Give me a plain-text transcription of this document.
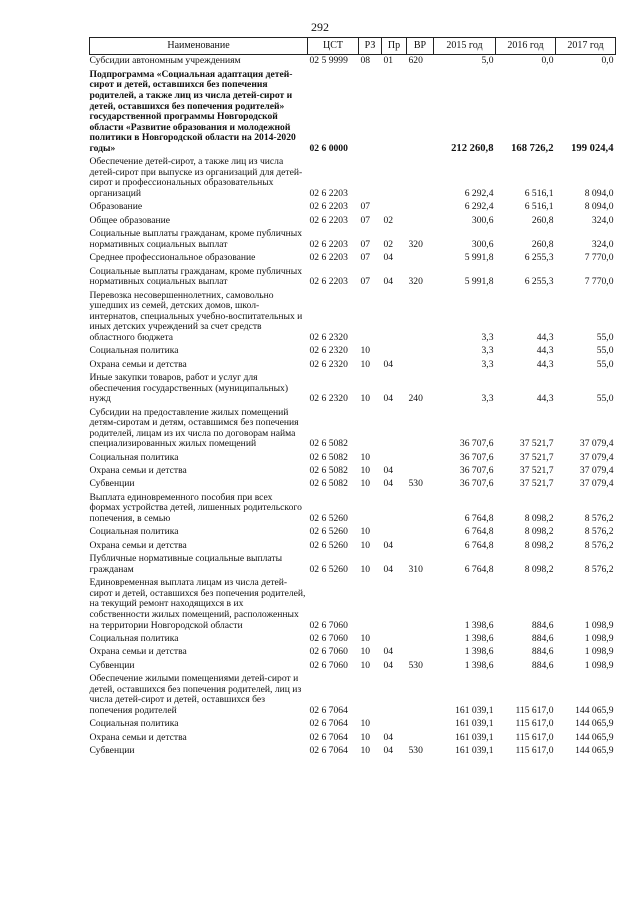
292
Наименование	ЦСТ	РЗ	Пр	ВР	2015 год	2016 год	2017 год
Субсидии автономным учреждениям	02 5 9999	08	01	620	5,0	0,0	0,0
Подпрограмма «Социальная адаптация детей-сирот и детей, оставшихся без попечения родителей, а также лиц из числа детей-сирот и детей, оставшихся без попечения родителей» государственной программы Новгородской области «Развитие образования и молодежной политики в Новгородской области на 2014-2020 годы»	02 6 0000				212 260,8	168 726,2	199 024,4
Обеспечение детей-сирот, а также лиц из числа детей-сирот при выпуске из организаций для детей-сирот и профессиональных образовательных организаций	02 6 2203				6 292,4	6 516,1	8 094,0
Образование	02 6 2203	07			6 292,4	6 516,1	8 094,0
Общее образование	02 6 2203	07	02		300,6	260,8	324,0
Социальные выплаты гражданам, кроме публичных нормативных социальных выплат	02 6 2203	07	02	320	300,6	260,8	324,0
Среднее профессиональное образование	02 6 2203	07	04		5 991,8	6 255,3	7 770,0
Социальные выплаты гражданам, кроме публичных нормативных социальных выплат	02 6 2203	07	04	320	5 991,8	6 255,3	7 770,0
Перевозка несовершеннолетних, самовольно ушедших из семей, детских домов, школ-интернатов, специальных учебно-воспитательных и иных детских учреждений за счет средств областного бюджета	02 6 2320				3,3	44,3	55,0
Социальная политика	02 6 2320	10			3,3	44,3	55,0
Охрана семьи и детства	02 6 2320	10	04		3,3	44,3	55,0
Иные закупки товаров, работ и услуг для обеспечения государственных (муниципальных) нужд	02 6 2320	10	04	240	3,3	44,3	55,0
Субсидии на предоставление жилых помещений детям-сиротам и детям, оставшимся без попечения родителей, лицам из их числа по договорам найма специализированных жилых помещений	02 6 5082				36 707,6	37 521,7	37 079,4
Социальная политика	02 6 5082	10			36 707,6	37 521,7	37 079,4
Охрана семьи и детства	02 6 5082	10	04		36 707,6	37 521,7	37 079,4
Субвенции	02 6 5082	10	04	530	36 707,6	37 521,7	37 079,4
Выплата единовременного пособия при всех формах устройства детей, лишенных родительского попечения, в семью	02 6 5260				6 764,8	8 098,2	8 576,2
Социальная политика	02 6 5260	10			6 764,8	8 098,2	8 576,2
Охрана семьи и детства	02 6 5260	10	04		6 764,8	8 098,2	8 576,2
Публичные нормативные социальные выплаты гражданам	02 6 5260	10	04	310	6 764,8	8 098,2	8 576,2
Единовременная выплата лицам из числа детей-сирот и детей, оставшихся без попечения родителей, на текущий ремонт находящихся в их собственности жилых помещений, расположенных на территории Новгородской области	02 6 7060				1 398,6	884,6	1 098,9
Социальная политика	02 6 7060	10			1 398,6	884,6	1 098,9
Охрана семьи и детства	02 6 7060	10	04		1 398,6	884,6	1 098,9
Субвенции	02 6 7060	10	04	530	1 398,6	884,6	1 098,9
Обеспечение жилыми помещениями детей-сирот и детей, оставшихся без попечения родителей, лиц из числа детей-сирот и детей, оставшихся без попечения родителей	02 6 7064				161 039,1	115 617,0	144 065,9
Социальная политика	02 6 7064	10			161 039,1	115 617,0	144 065,9
Охрана семьи и детства	02 6 7064	10	04		161 039,1	115 617,0	144 065,9
Субвенции	02 6 7064	10	04	530	161 039,1	115 617,0	144 065,9
